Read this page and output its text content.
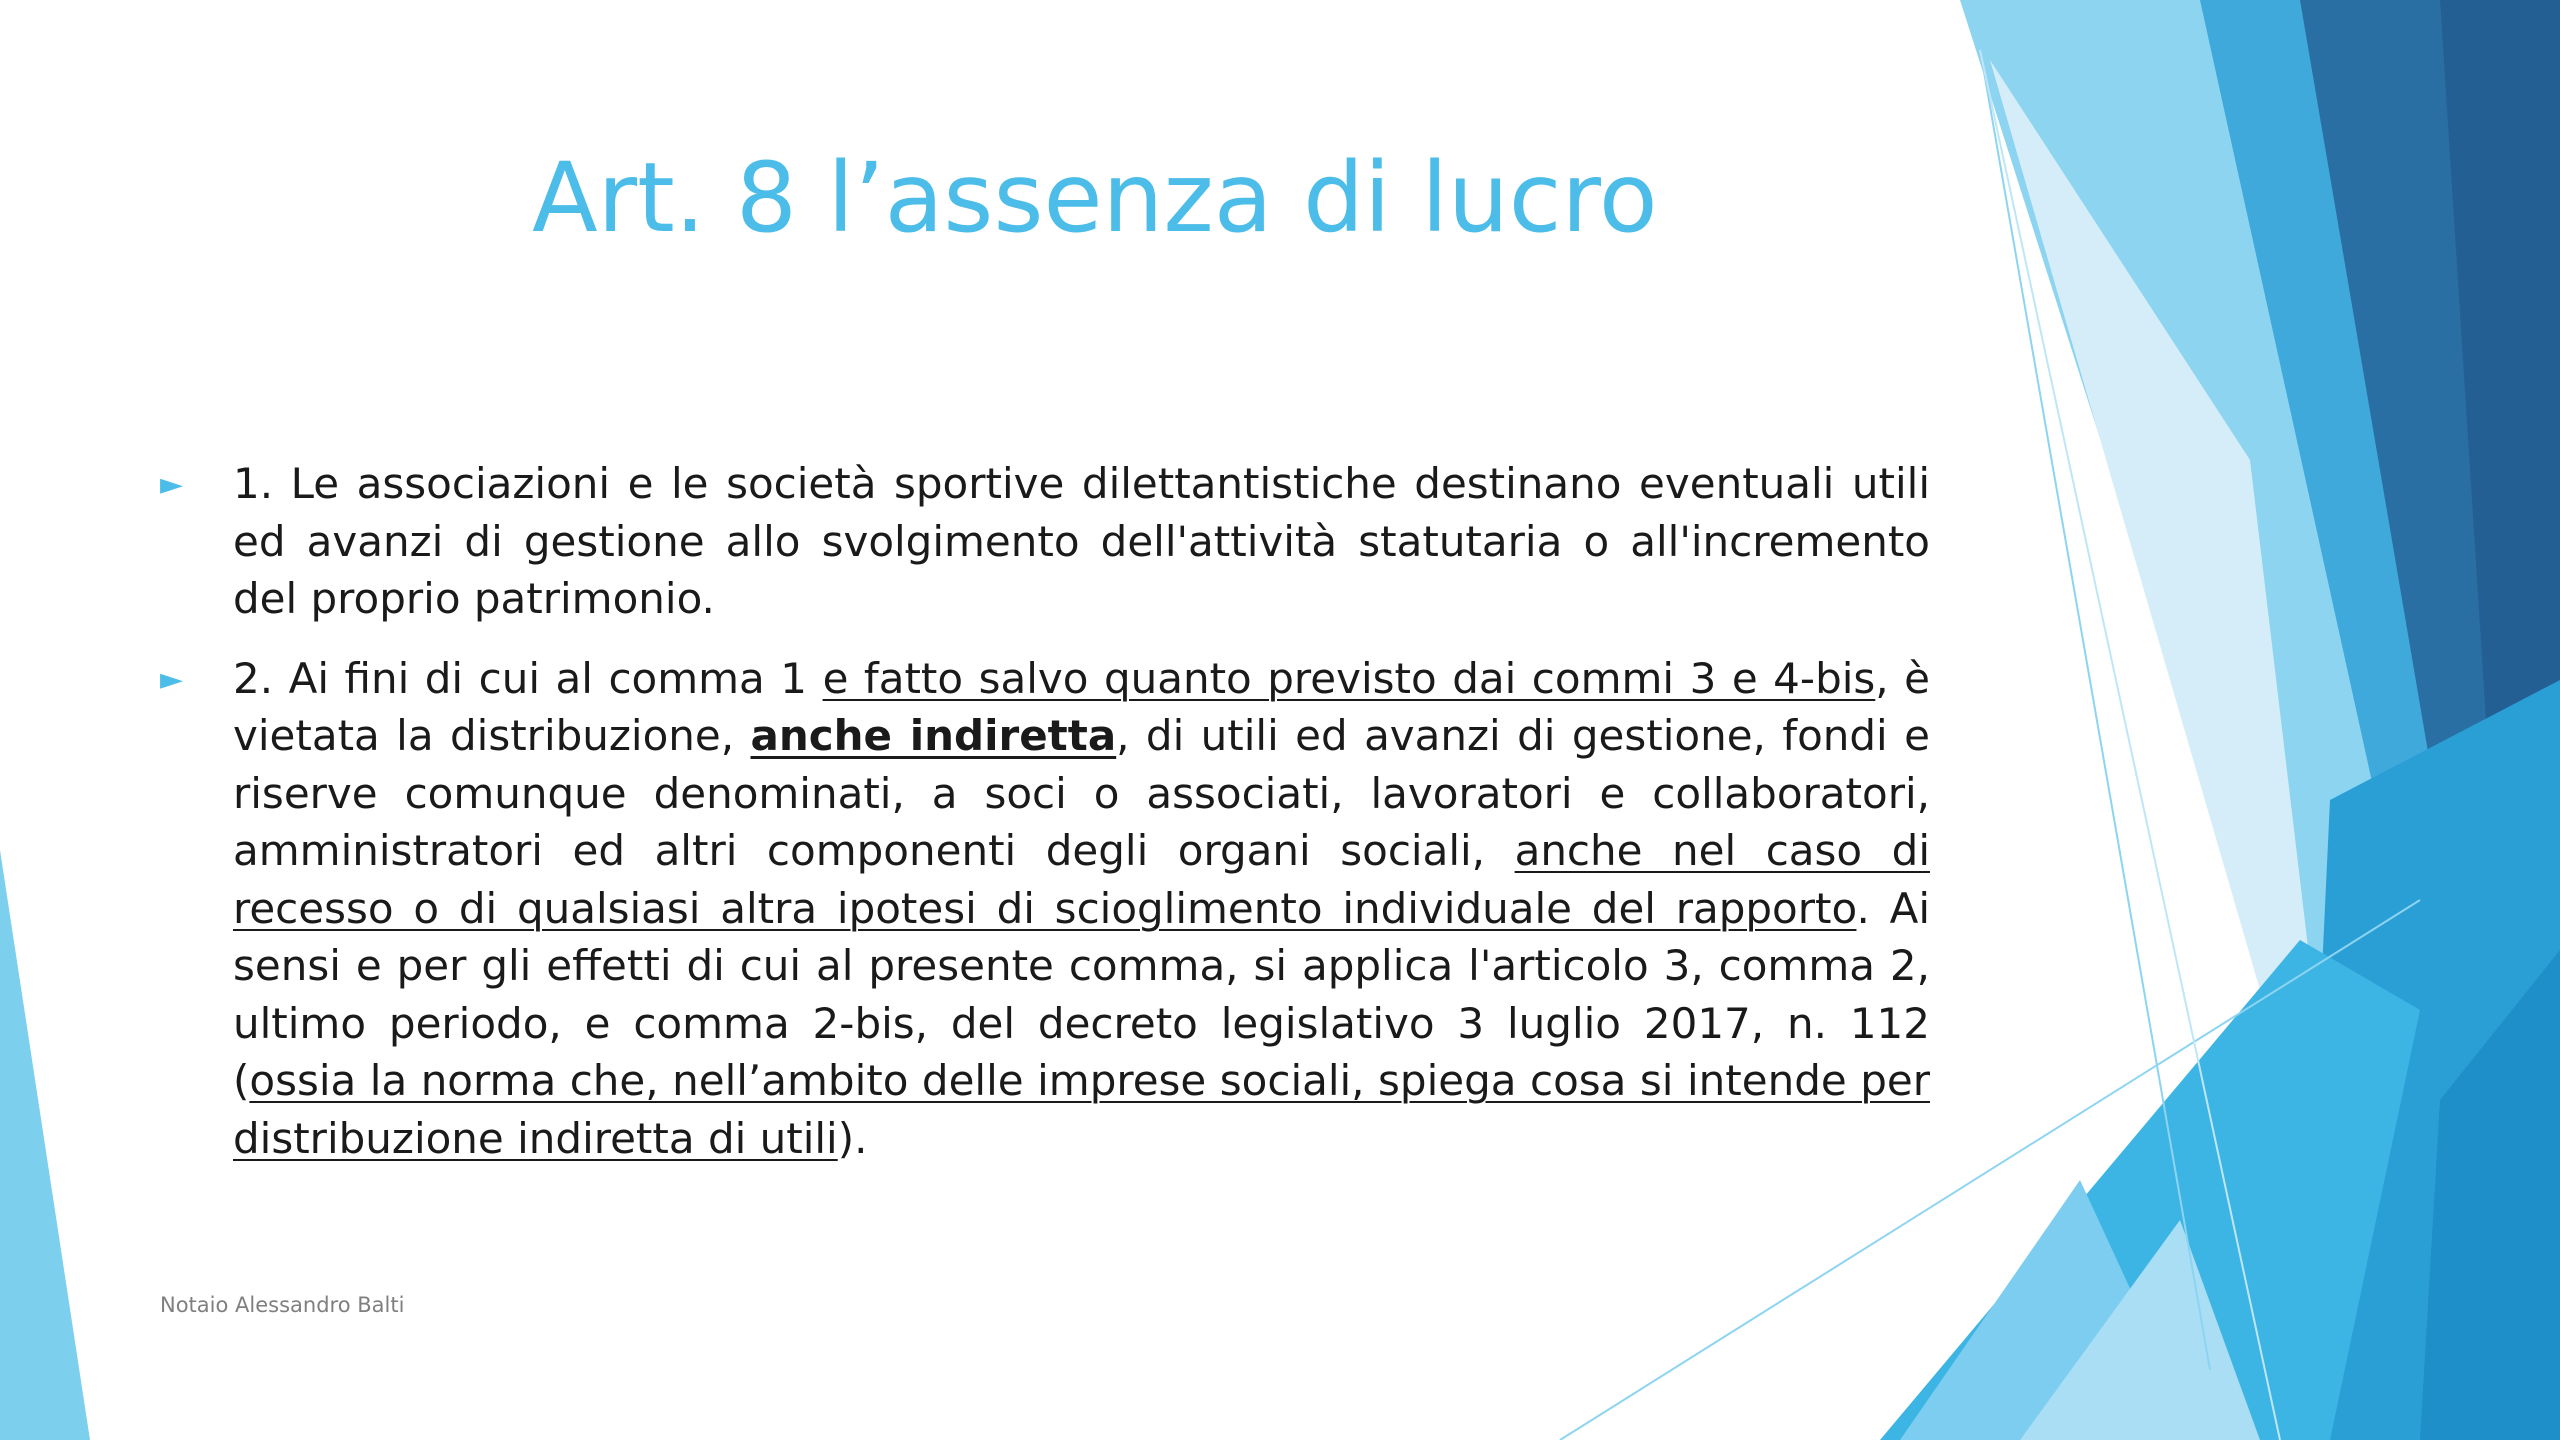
Art. 8 l’assenza di lucro
► 1. Le associazioni e le società sportive dilettantistiche destinano eventuali utili ed avanzi di gestione allo svolgimento dell'attività statutaria o all'incremento del proprio patrimonio.

► 2. Ai fini di cui al comma 1 e fatto salvo quanto previsto dai commi 3 e 4-bis, è vietata la distribuzione, anche indiretta, di utili ed avanzi di gestione, fondi e riserve comunque denominati, a soci o associati, lavoratori e collaboratori, amministratori ed altri componenti degli organi sociali, anche nel caso di recesso o di qualsiasi altra ipotesi di scioglimento individuale del rapporto. Ai sensi e per gli effetti di cui al presente comma, si applica l'articolo 3, comma 2, ultimo periodo, e comma 2-bis, del decreto legislativo 3 luglio 2017, n. 112 (ossia la norma che, nell’ambito delle imprese sociali, spiega cosa si intende per distribuzione indiretta di utili).

Notaio Alessandro Balti
